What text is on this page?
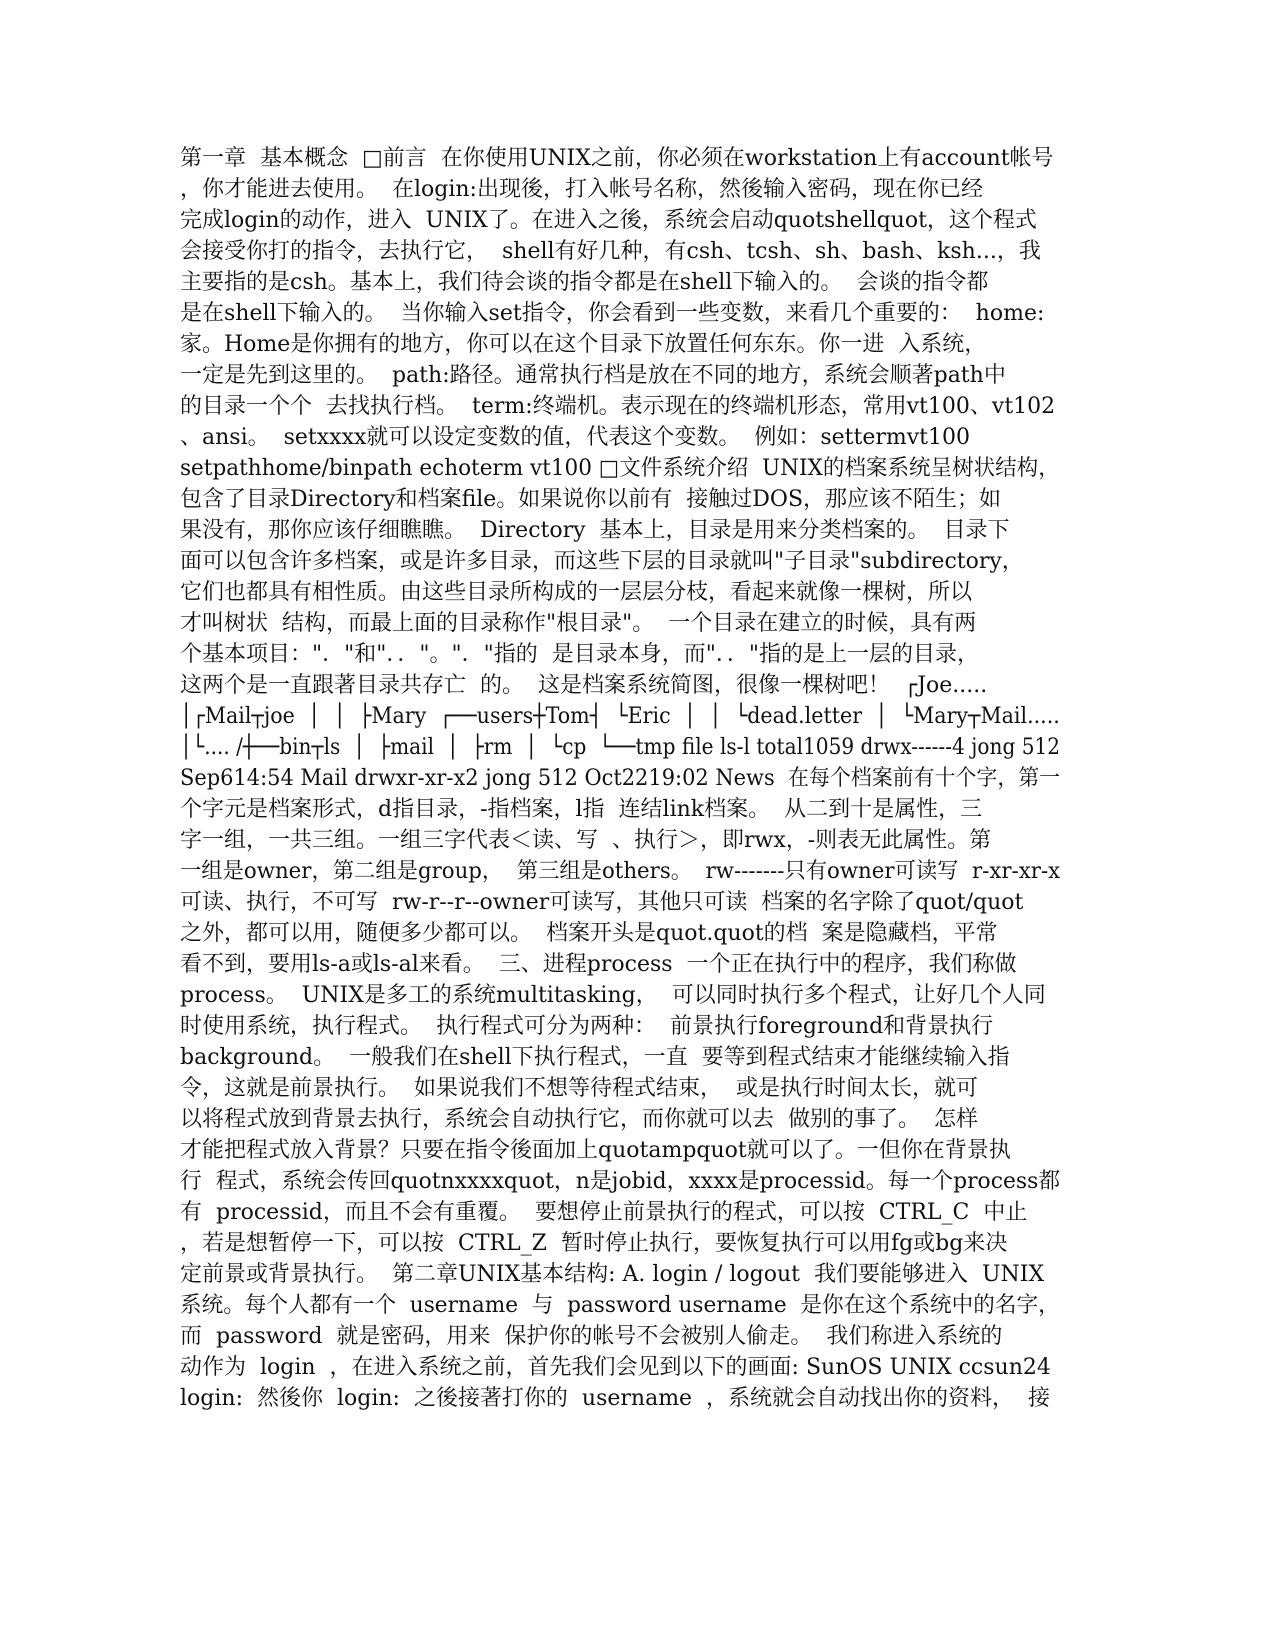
第一章  基本概念  □前言  在你使用UNIX之前，你必须在workstation上有account帐号
，你才能进去使用。  在login:出现後，打入帐号名称，然後输入密码，现在你已经
完成login的动作，进入  UNIX了。在进入之後，系统会启动quotshellquot，这个程式
会接受你打的指令，去执行它，  shell有好几种，有csh、tcsh、sh、bash、ksh...，我
主要指的是csh。基本上，我们待会谈的指令都是在shell下输入的。  会谈的指令都
是在shell下输入的。  当你输入set指令，你会看到一些变数，来看几个重要的：  home:
家。Home是你拥有的地方，你可以在这个目录下放置任何东东。你一进  入系统，
一定是先到这里的。  path:路径。通常执行档是放在不同的地方，系统会顺著path中
的目录一个个  去找执行档。  term:终端机。表示现在的终端机形态，常用vt100、vt102
、ansi。  setxxxx就可以设定变数的值，代表这个变数。  例如：settermvt100
setpathhome/binpath echoterm vt100 □文件系统介绍  UNIX的档案系统呈树状结构，
包含了目录Directory和档案file。如果说你以前有  接触过DOS，那应该不陌生；如
果没有，那你应该仔细瞧瞧。  Directory  基本上，目录是用来分类档案的。  目录下
面可以包含许多档案，或是许多目录，而这些下层的目录就叫"子目录"subdirectory，
它们也都具有相性质。由这些目录所构成的一层层分枝，看起来就像一棵树，所以
才叫树状  结构，而最上面的目录称作"根目录"。  一个目录在建立的时候，具有两
个基本项目："．"和"．．"。"．"指的  是目录本身，而"．．"指的是上一层的目录，
这两个是一直跟著目录共存亡  的。  这是档案系统简图，很像一棵树吧！  ┌Joe.....
│┌Mail┬joe  │  │  ├Mary  ┌──users┼Tom┤  └Eric  │  │  └dead.letter  │  └Mary┬Mail.....
│└.... /┼──bin┬ls  │  ├mail  │  ├rm  │  └cp  └──tmp file ls-l total1059 drwx------4 jong 512
Sep614:54 Mail drwxr-xr-x2 jong 512 Oct2219:02 News  在每个档案前有十个字，第一
个字元是档案形式，d指目录，-指档案，l指  连结link档案。  从二到十是属性，三
字一组，一共三组。一组三字代表＜读、写  、执行＞，即rwx，-则表无此属性。第
一组是owner，第二组是group，  第三组是others。  rw-------只有owner可读写  r-xr-xr-x
可读、执行，不可写  rw-r--r--owner可读写，其他只可读  档案的名字除了quot/quot
之外，都可以用，随便多少都可以。  档案开头是quot.quot的档  案是隐藏档，平常
看不到，要用ls-a或ls-al来看。  三、进程process  一个正在执行中的程序，我们称做
process。  UNIX是多工的系统multitasking，  可以同时执行多个程式，让好几个人同
时使用系统，执行程式。  执行程式可分为两种：  前景执行foreground和背景执行
background。  一般我们在shell下执行程式，一直  要等到程式结束才能继续输入指
令，这就是前景执行。  如果说我们不想等待程式结束，  或是执行时间太长，就可
以将程式放到背景去执行，系统会自动执行它，而你就可以去  做别的事了。  怎样
才能把程式放入背景？只要在指令後面加上quotampquot就可以了。一但你在背景执
行  程式，系统会传回quotnxxxxquot，n是jobid，xxxx是processid。每一个process都
有  processid，而且不会有重覆。  要想停止前景执行的程式，可以按  CTRL_C  中止
，若是想暂停一下，可以按  CTRL_Z  暂时停止执行，要恢复执行可以用fg或bg来决
定前景或背景执行。  第二章UNIX基本结构: A. login / logout  我们要能够进入  UNIX
系统。每个人都有一个  username  与  password username  是你在这个系统中的名字，
而  password  就是密码，用来  保护你的帐号不会被别人偷走。  我们称进入系统的
动作为  login  ，在进入系统之前，首先我们会见到以下的画面: SunOS UNIX ccsun24
login:  然後你  login:  之後接著打你的  username  ，系统就会自动找出你的资料，  接
